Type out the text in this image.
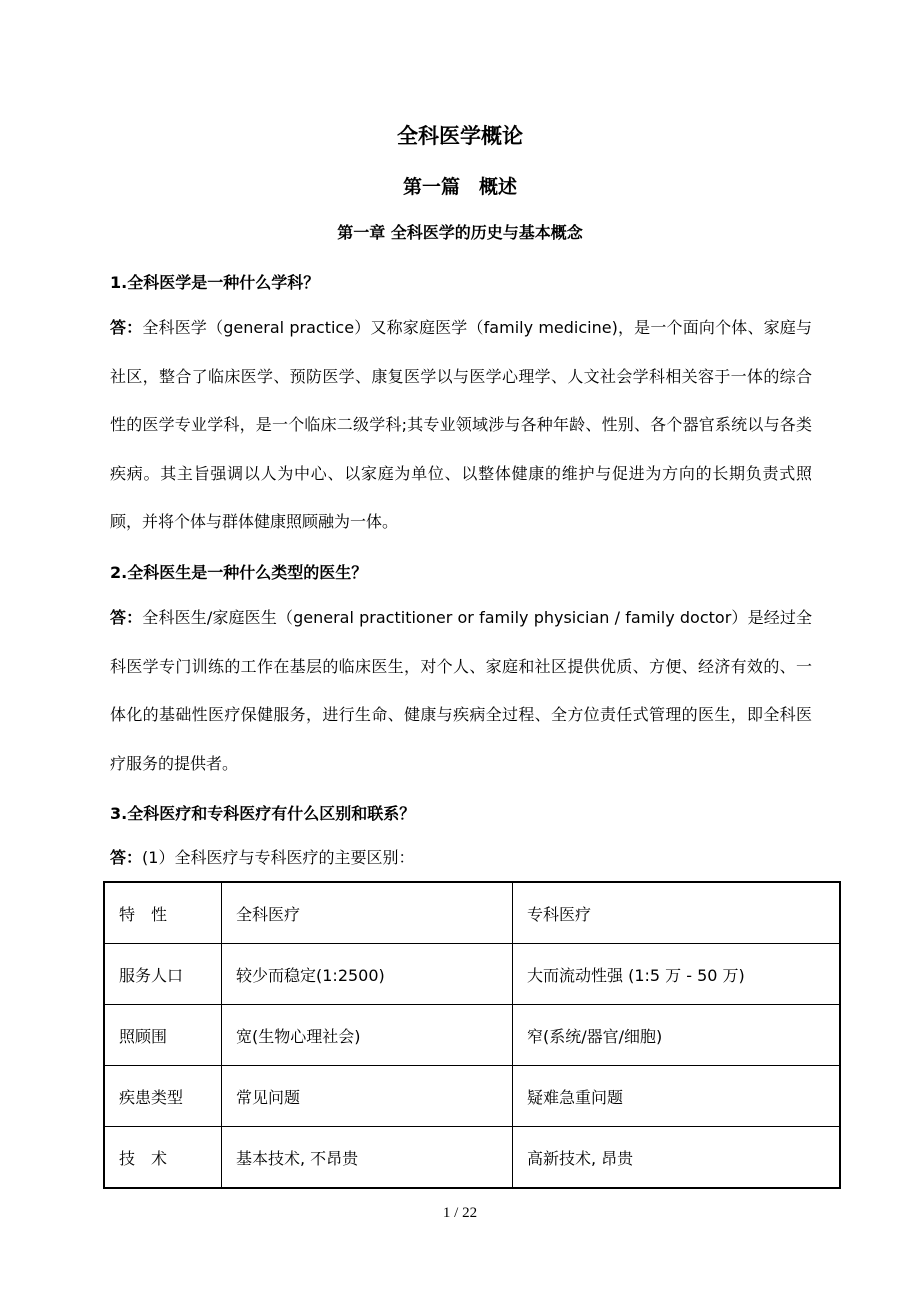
全科医学概论
第一篇　概述
第一章 全科医学的历史与基本概念
1.全科医学是一种什么学科？
答：全科医学（general practice）又称家庭医学（family medicine)，是一个面向个体、家庭与社区，整合了临床医学、预防医学、康复医学以与医学心理学、人文社会学科相关容于一体的综合性的医学专业学科，是一个临床二级学科;其专业领域涉与各种年龄、性别、各个器官系统以与各类疾病。其主旨强调以人为中心、以家庭为单位、以整体健康的维护与促进为方向的长期负责式照顾，并将个体与群体健康照顾融为一体。
2.全科医生是一种什么类型的医生？
答：全科医生/家庭医生（general practitioner or family physician / family doctor）是经过全科医学专门训练的工作在基层的临床医生，对个人、家庭和社区提供优质、方便、经济有效的、一体化的基础性医疗保健服务，进行生命、健康与疾病全过程、全方位责任式管理的医生，即全科医疗服务的提供者。
3.全科医疗和专科医疗有什么区别和联系？
答：(1）全科医疗与专科医疗的主要区别：
特　性	全科医疗	专科医疗
服务人口	较少而稳定(1:2500)	大而流动性强 (1:5 万 - 50 万)
照顾围	宽(生物心理社会)	窄(系统/器官/细胞)
疾患类型	常见问题	疑难急重问题
技　术	基本技术, 不昂贵	高新技术, 昂贵
1 / 22
